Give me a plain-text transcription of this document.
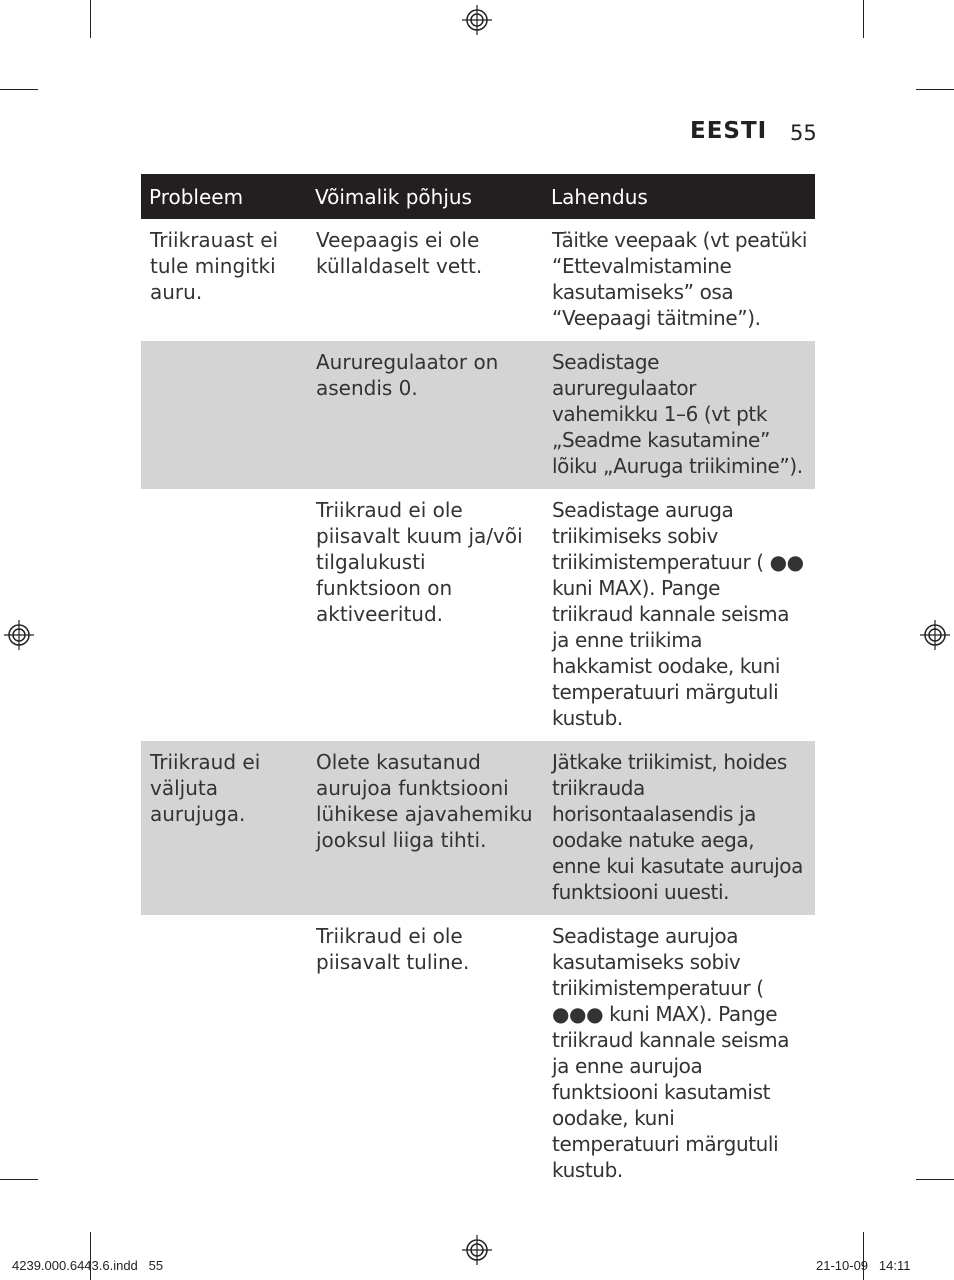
EESTI 55
Probleem	Võimalik põhjus	Lahendus
Triikrauast ei tule mingitki auru.	Veepaagis ei ole küllaldaselt vett.	Täitke veepaak (vt peatüki “Ettevalmistamine kasutamiseks” osa “Veepaagi täitmine”).
	Aururegulaator on asendis 0.	Seadistage aururegulaator vahemikku 1–6 (vt ptk „Seadme kasutamine” lõiku „Auruga triikimine”).
	Triikraud ei ole piisavalt kuum ja/või tilgalukusti funktsioon on aktiveeritud.	Seadistage auruga triikimiseks sobiv triikimistemperatuur ( ●● kuni MAX). Pange triikraud kannale seisma ja enne triikima hakkamist oodake, kuni temperatuuri märgutuli kustub.
Triikraud ei väljuta aurujuga.	Olete kasutanud aurujoa funktsiooni lühikese ajavahemiku jooksul liiga tihti.	Jätkake triikimist, hoides triikrauda horisontaalasendis ja oodake natuke aega, enne kui kasutate aurujoa funktsiooni uuesti.
	Triikraud ei ole piisavalt tuline.	Seadistage aurujoa kasutamiseks sobiv triikimistemperatuur ( ●●● kuni MAX). Pange triikraud kannale seisma ja enne aurujoa funktsiooni kasutamist oodake, kuni temperatuuri märgutuli kustub.
4239.000.6443.6.indd   55	21-10-09   14:11
